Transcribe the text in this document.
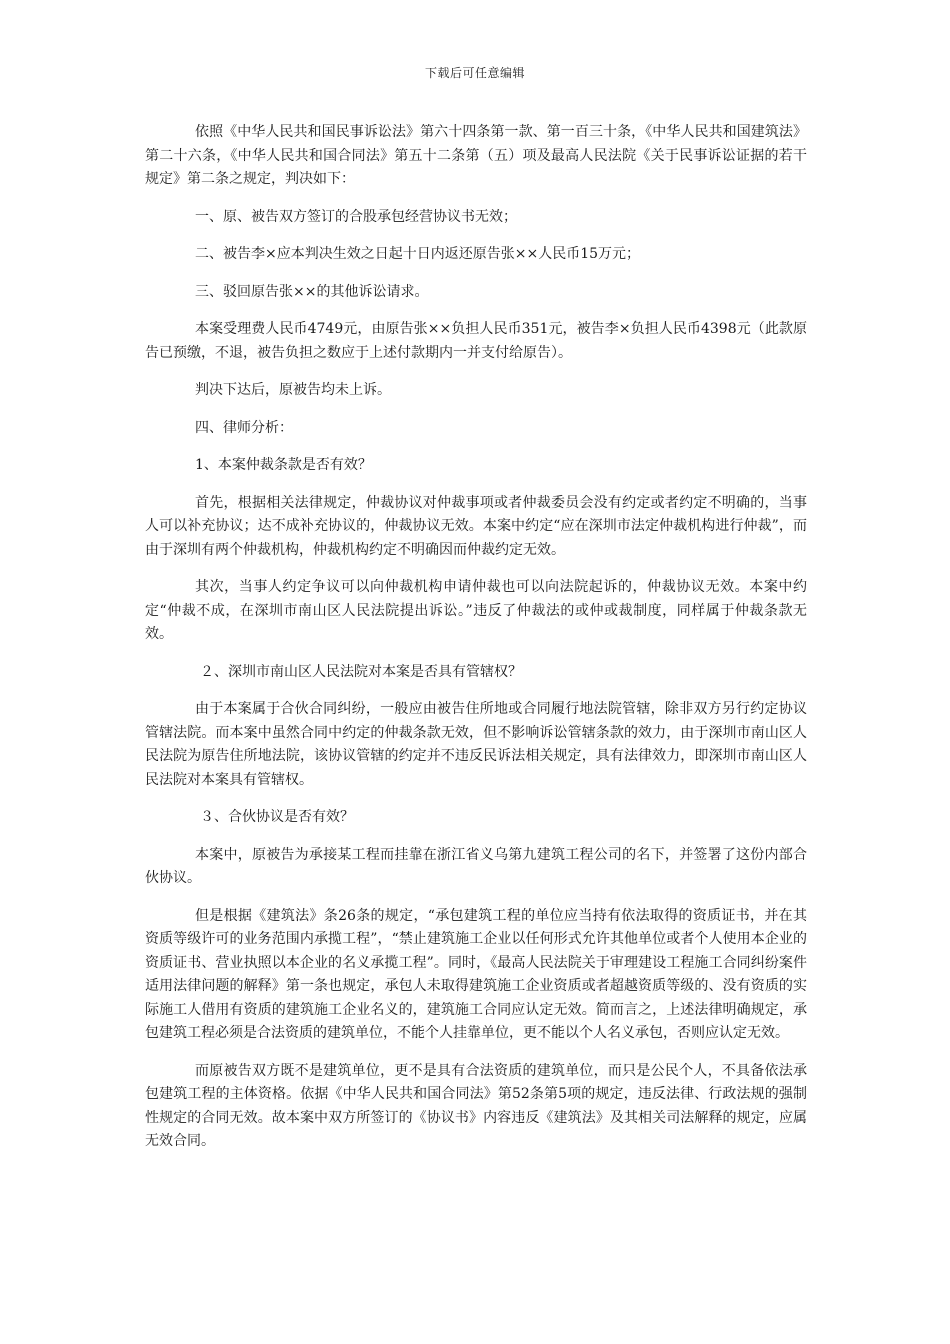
下载后可任意编辑

依照《中华人民共和国民事诉讼法》第六十四条第一款、第一百三十条，《中华人民共和国建筑法》第二十六条，《中华人民共和国合同法》第五十二条第（五）项及最高人民法院《关于民事诉讼证据的若干规定》第二条之规定，判决如下：

一、原、被告双方签订的合股承包经营协议书无效；

二、被告李×应本判决生效之日起十日内返还原告张××人民币15万元；

三、驳回原告张××的其他诉讼请求。

本案受理费人民币4749元，由原告张××负担人民币351元，被告李×负担人民币4398元（此款原告已预缴，不退，被告负担之数应于上述付款期内一并支付给原告）。

判决下达后，原被告均未上诉。

四、律师分析：

1、本案仲裁条款是否有效？

首先，根据相关法律规定，仲裁协议对仲裁事项或者仲裁委员会没有约定或者约定不明确的，当事人可以补充协议；达不成补充协议的，仲裁协议无效。本案中约定“应在深圳市法定仲裁机构进行仲裁”，而由于深圳有两个仲裁机构，仲裁机构约定不明确因而仲裁约定无效。

其次，当事人约定争议可以向仲裁机构申请仲裁也可以向法院起诉的，仲裁协议无效。本案中约定“仲裁不成，在深圳市南山区人民法院提出诉讼。”违反了仲裁法的或仲或裁制度，同样属于仲裁条款无效。

２、深圳市南山区人民法院对本案是否具有管辖权？

由于本案属于合伙合同纠纷，一般应由被告住所地或合同履行地法院管辖，除非双方另行约定协议管辖法院。而本案中虽然合同中约定的仲裁条款无效，但不影响诉讼管辖条款的效力，由于深圳市南山区人民法院为原告住所地法院，该协议管辖的约定并不违反民诉法相关规定，具有法律效力，即深圳市南山区人民法院对本案具有管辖权。

３、合伙协议是否有效？

本案中，原被告为承接某工程而挂靠在浙江省义乌第九建筑工程公司的名下，并签署了这份内部合伙协议。

但是根据《建筑法》条26条的规定，“承包建筑工程的单位应当持有依法取得的资质证书，并在其资质等级许可的业务范围内承揽工程”，“禁止建筑施工企业以任何形式允许其他单位或者个人使用本企业的资质证书、营业执照以本企业的名义承揽工程”。同时，《最高人民法院关于审理建设工程施工合同纠纷案件适用法律问题的解释》第一条也规定，承包人未取得建筑施工企业资质或者超越资质等级的、没有资质的实际施工人借用有资质的建筑施工企业名义的，建筑施工合同应认定无效。简而言之，上述法律明确规定，承包建筑工程必须是合法资质的建筑单位，不能个人挂靠单位，更不能以个人名义承包，否则应认定无效。

而原被告双方既不是建筑单位，更不是具有合法资质的建筑单位，而只是公民个人，不具备依法承包建筑工程的主体资格。依据《中华人民共和国合同法》第52条第5项的规定，违反法律、行政法规的强制性规定的合同无效。故本案中双方所签订的《协议书》内容违反《建筑法》及其相关司法解释的规定，应属无效合同。
